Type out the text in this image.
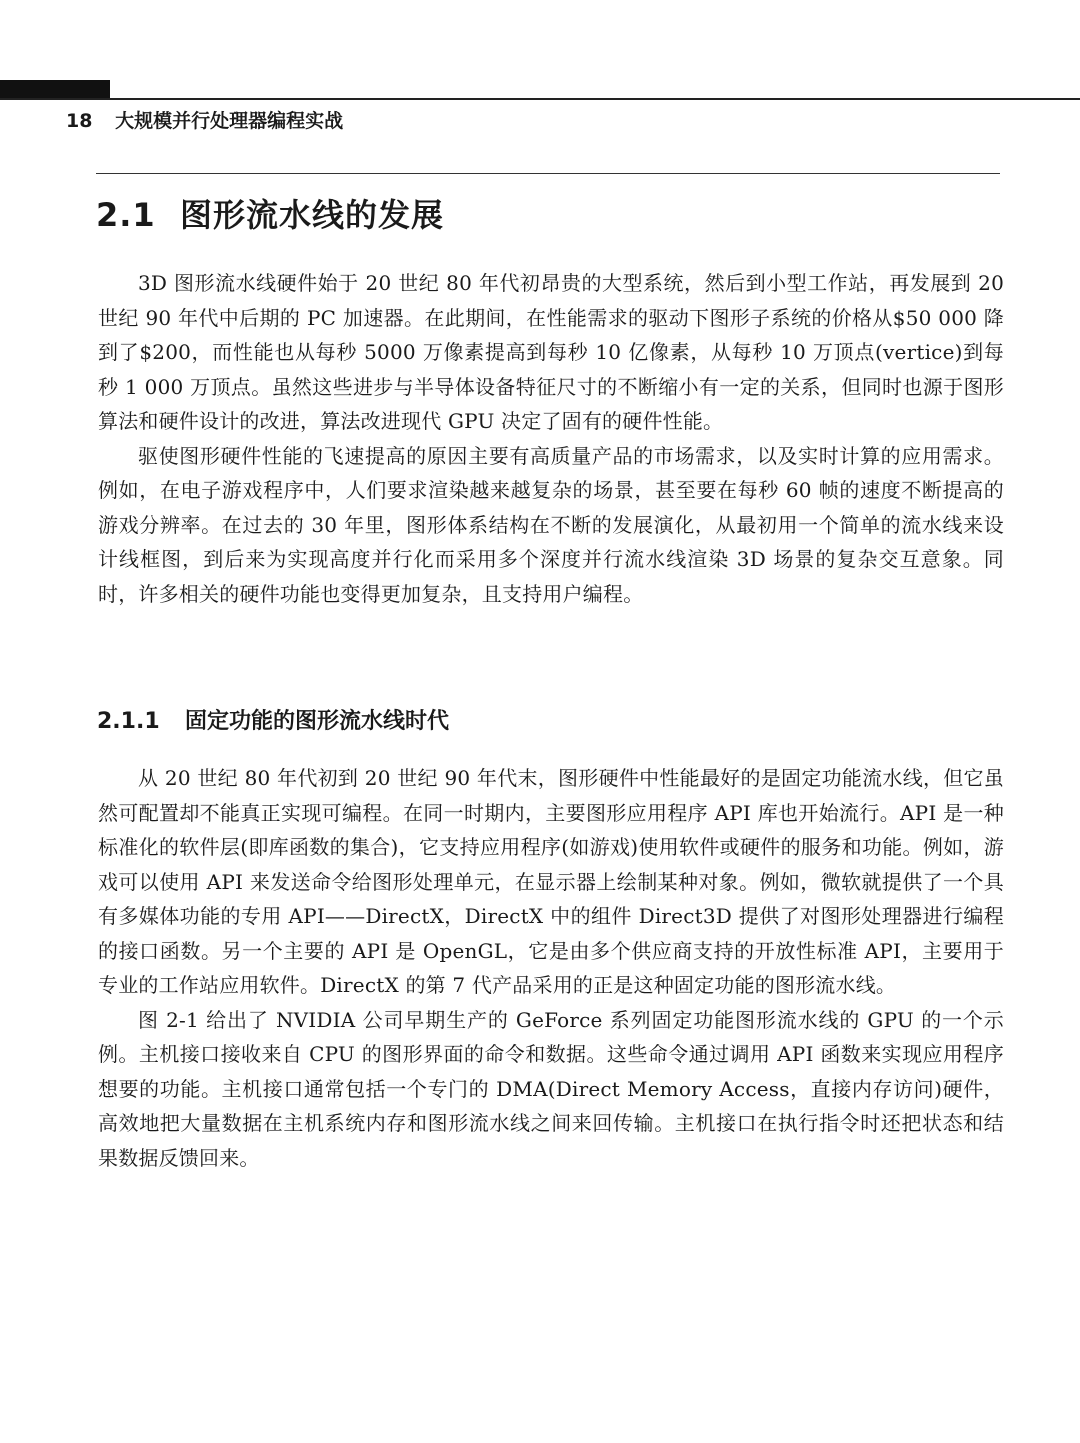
18 大规模并行处理器编程实战
2.1 图形流水线的发展

3D 图形流水线硬件始于 20 世纪 80 年代初昂贵的大型系统，然后到小型工作站，再发展到 20 世纪 90 年代中后期的 PC 加速器。在此期间，在性能需求的驱动下图形子系统的价格从$50 000 降到了$200，而性能也从每秒 5000 万像素提高到每秒 10 亿像素，从每秒 10 万顶点(vertice)到每秒 1 000 万顶点。虽然这些进步与半导体设备特征尺寸的不断缩小有一定的关系，但同时也源于图形算法和硬件设计的改进，算法改进现代 GPU 决定了固有的硬件性能。

驱使图形硬件性能的飞速提高的原因主要有高质量产品的市场需求，以及实时计算的应用需求。例如，在电子游戏程序中，人们要求渲染越来越复杂的场景，甚至要在每秒 60 帧的速度不断提高的游戏分辨率。在过去的 30 年里，图形体系结构在不断的发展演化，从最初用一个简单的流水线来设计线框图，到后来为实现高度并行化而采用多个深度并行流水线渲染 3D 场景的复杂交互意象。同时，许多相关的硬件功能也变得更加复杂，且支持用户编程。

2.1.1 固定功能的图形流水线时代

从 20 世纪 80 年代初到 20 世纪 90 年代末，图形硬件中性能最好的是固定功能流水线，但它虽然可配置却不能真正实现可编程。在同一时期内，主要图形应用程序 API 库也开始流行。API 是一种标准化的软件层(即库函数的集合)，它支持应用程序(如游戏)使用软件或硬件的服务和功能。例如，游戏可以使用 API 来发送命令给图形处理单元，在显示器上绘制某种对象。例如，微软就提供了一个具有多媒体功能的专用 API——DirectX，DirectX 中的组件 Direct3D 提供了对图形处理器进行编程的接口函数。另一个主要的 API 是 OpenGL，它是由多个供应商支持的开放性标准 API，主要用于专业的工作站应用软件。DirectX 的第 7 代产品采用的正是这种固定功能的图形流水线。

图 2-1 给出了 NVIDIA 公司早期生产的 GeForce 系列固定功能图形流水线的 GPU 的一个示例。主机接口接收来自 CPU 的图形界面的命令和数据。这些命令通过调用 API 函数来实现应用程序想要的功能。主机接口通常包括一个专门的 DMA(Direct Memory Access，直接内存访问)硬件，高效地把大量数据在主机系统内存和图形流水线之间来回传输。主机接口在执行指令时还把状态和结果数据反馈回来。
